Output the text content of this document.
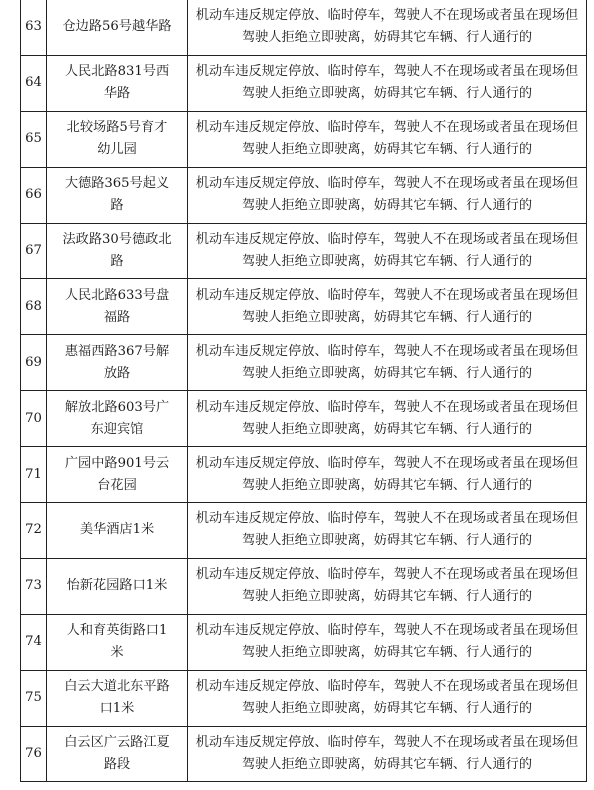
63	仓边路56号越华路	机动车违反规定停放、临时停车，驾驶人不在现场或者虽在现场但驾驶人拒绝立即驶离，妨碍其它车辆、行人通行的
64	人民北路831号西华路	机动车违反规定停放、临时停车，驾驶人不在现场或者虽在现场但驾驶人拒绝立即驶离，妨碍其它车辆、行人通行的
65	北较场路5号育才幼儿园	机动车违反规定停放、临时停车，驾驶人不在现场或者虽在现场但驾驶人拒绝立即驶离，妨碍其它车辆、行人通行的
66	大德路365号起义路	机动车违反规定停放、临时停车，驾驶人不在现场或者虽在现场但驾驶人拒绝立即驶离，妨碍其它车辆、行人通行的
67	法政路30号德政北路	机动车违反规定停放、临时停车，驾驶人不在现场或者虽在现场但驾驶人拒绝立即驶离，妨碍其它车辆、行人通行的
68	人民北路633号盘福路	机动车违反规定停放、临时停车，驾驶人不在现场或者虽在现场但驾驶人拒绝立即驶离，妨碍其它车辆、行人通行的
69	惠福西路367号解放路	机动车违反规定停放、临时停车，驾驶人不在现场或者虽在现场但驾驶人拒绝立即驶离，妨碍其它车辆、行人通行的
70	解放北路603号广东迎宾馆	机动车违反规定停放、临时停车，驾驶人不在现场或者虽在现场但驾驶人拒绝立即驶离，妨碍其它车辆、行人通行的
71	广园中路901号云台花园	机动车违反规定停放、临时停车，驾驶人不在现场或者虽在现场但驾驶人拒绝立即驶离，妨碍其它车辆、行人通行的
72	美华酒店1米	机动车违反规定停放、临时停车，驾驶人不在现场或者虽在现场但驾驶人拒绝立即驶离，妨碍其它车辆、行人通行的
73	怡新花园路口1米	机动车违反规定停放、临时停车，驾驶人不在现场或者虽在现场但驾驶人拒绝立即驶离，妨碍其它车辆、行人通行的
74	人和育英街路口1米	机动车违反规定停放、临时停车，驾驶人不在现场或者虽在现场但驾驶人拒绝立即驶离，妨碍其它车辆、行人通行的
75	白云大道北东平路口1米	机动车违反规定停放、临时停车，驾驶人不在现场或者虽在现场但驾驶人拒绝立即驶离，妨碍其它车辆、行人通行的
76	白云区广云路江夏路段	机动车违反规定停放、临时停车，驾驶人不在现场或者虽在现场但驾驶人拒绝立即驶离，妨碍其它车辆、行人通行的
